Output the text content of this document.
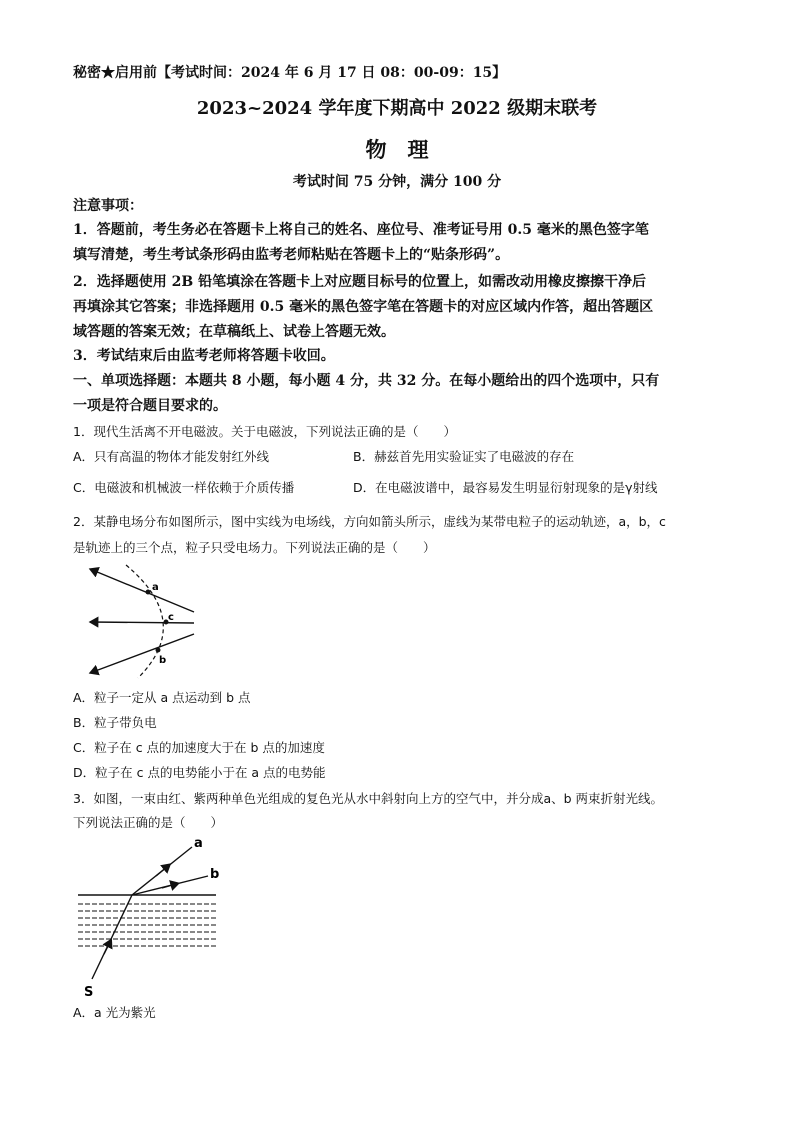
秘密★启用前【考试时间：2024 年 6 月 17 日 08：00-09：15】
2023~2024 学年度下期高中 2022 级期末联考
物　理
考试时间 75 分钟，满分 100 分
注意事项：
1．答题前，考生务必在答题卡上将自己的姓名、座位号、准考证号用 0.5 毫米的黑色签字笔
填写清楚，考生考试条形码由监考老师粘贴在答题卡上的“贴条形码”。
2．选择题使用 2B 铅笔填涂在答题卡上对应题目标号的位置上，如需改动用橡皮擦擦干净后
再填涂其它答案；非选择题用 0.5 毫米的黑色签字笔在答题卡的对应区域内作答，超出答题区
域答题的答案无效；在草稿纸上、试卷上答题无效。
3．考试结束后由监考老师将答题卡收回。
一、单项选择题：本题共 8 小题，每小题 4 分，共 32 分。在每小题给出的四个选项中，只有
一项是符合题目要求的。
1．现代生活离不开电磁波。关于电磁波，下列说法正确的是（　　）
A．只有高温的物体才能发射红外线	B．赫兹首先用实验证实了电磁波的存在
C．电磁波和机械波一样依赖于介质传播	D．在电磁波谱中，最容易发生明显衍射现象的是γ射线
2．某静电场分布如图所示，图中实线为电场线，方向如箭头所示，虚线为某带电粒子的运动轨迹，a，b，c
是轨迹上的三个点，粒子只受电场力。下列说法正确的是（　　）
a
c
b
A．粒子一定从 a 点运动到 b 点
B．粒子带负电
C．粒子在 c 点的加速度大于在 b 点的加速度
D．粒子在 c 点的电势能小于在 a 点的电势能
3．如图，一束由红、紫两种单色光组成的复色光从水中斜射向上方的空气中，并分成a、b 两束折射光线。
下列说法正确的是（　　）
a
b
S
A．a 光为紫光
